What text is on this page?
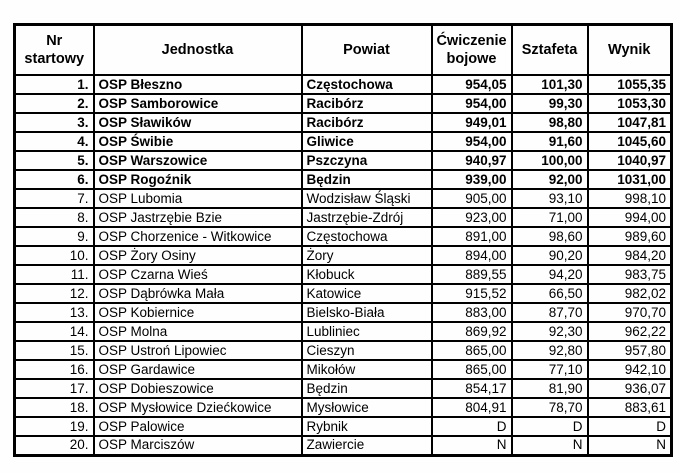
Nr startowy	Jednostka	Powiat	Ćwiczenie bojowe	Sztafeta	Wynik
1.	OSP Błeszno	Częstochowa	954,05	101,30	1055,35
2.	OSP Samborowice	Racibórz	954,00	99,30	1053,30
3.	OSP Sławików	Racibórz	949,01	98,80	1047,81
4.	OSP Świbie	Gliwice	954,00	91,60	1045,60
5.	OSP Warszowice	Pszczyna	940,97	100,00	1040,97
6.	OSP Rogoźnik	Będzin	939,00	92,00	1031,00
7.	OSP Lubomia	Wodzisław Śląski	905,00	93,10	998,10
8.	OSP Jastrzębie Bzie	Jastrzębie-Zdrój	923,00	71,00	994,00
9.	OSP Chorzenice - Witkowice	Częstochowa	891,00	98,60	989,60
10.	OSP Żory Osiny	Żory	894,00	90,20	984,20
11.	OSP Czarna Wieś	Kłobuck	889,55	94,20	983,75
12.	OSP Dąbrówka Mała	Katowice	915,52	66,50	982,02
13.	OSP Kobiernice	Bielsko-Biała	883,00	87,70	970,70
14.	OSP Molna	Lubliniec	869,92	92,30	962,22
15.	OSP Ustroń Lipowiec	Cieszyn	865,00	92,80	957,80
16.	OSP Gardawice	Mikołów	865,00	77,10	942,10
17.	OSP Dobieszowice	Będzin	854,17	81,90	936,07
18.	OSP Mysłowice Dziećkowice	Mysłowice	804,91	78,70	883,61
19.	OSP Palowice	Rybnik	D	D	D
20.	OSP Marciszów	Zawiercie	N	N	N
